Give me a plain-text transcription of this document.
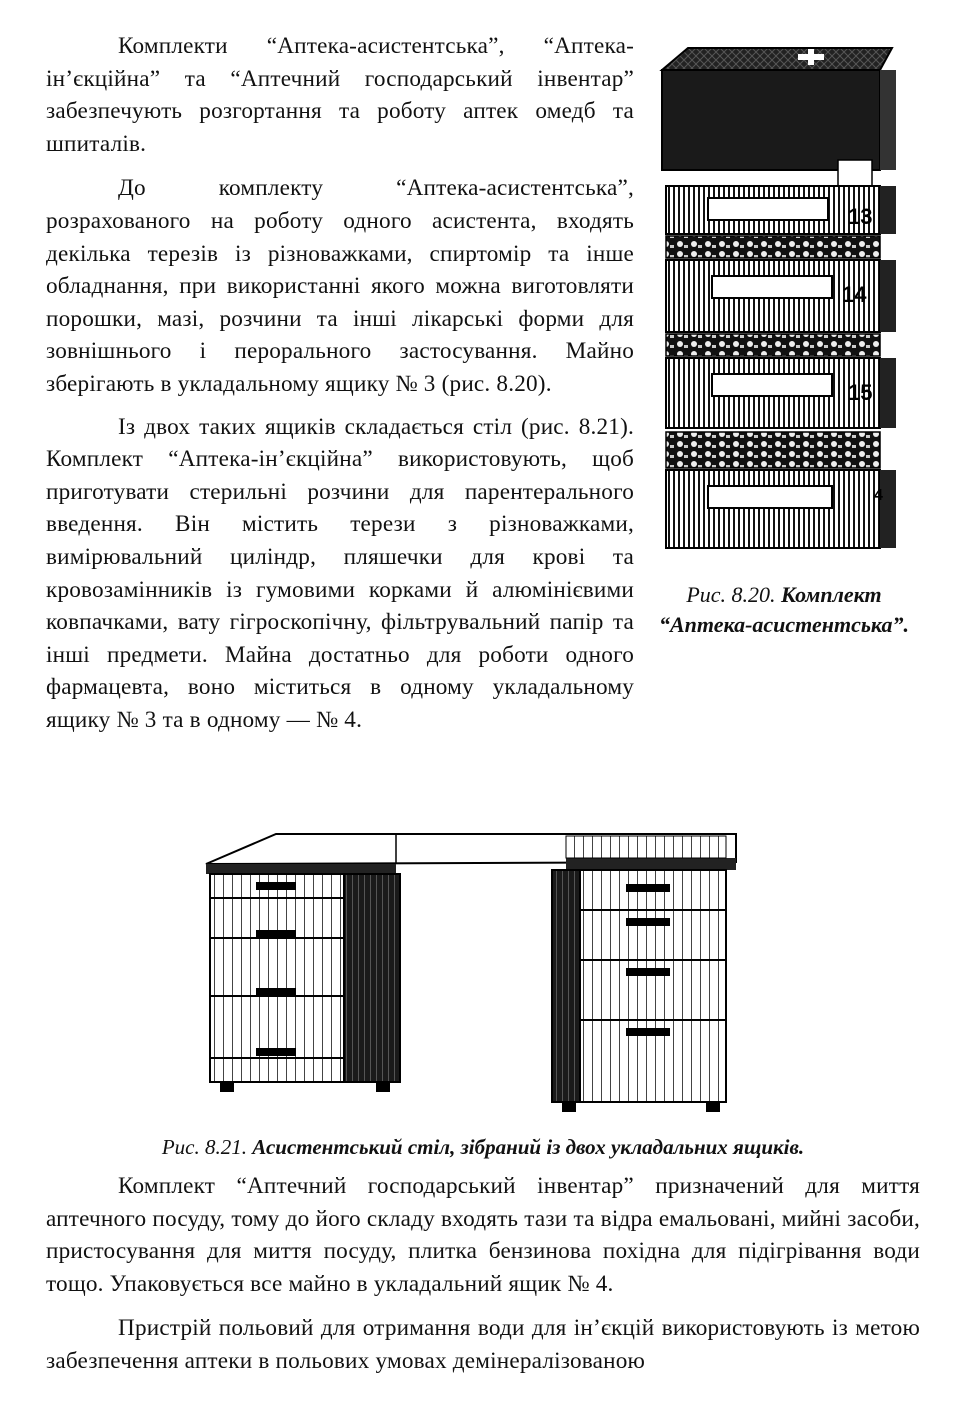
Комплекти “Аптека-асистентська”, “Аптека-ін’єкційна” та “Аптечний господарський інвентар” забезпечують розгортання та роботу аптек омедб та шпиталів.

До комплекту “Аптека-асистентська”, розрахованого на роботу одного асистента, входять декілька терезів із різноважками, спиртомір та інше обладнання, при використанні якого можна виготовляти порошки, мазі, розчини та інші лікарські форми для зовнішнього і перорального застосування. Майно зберігають в укладальному ящику № 3 (рис. 8.20).

Із двох таких ящиків складається стіл (рис. 8.21). Комплект “Аптека-ін’єкційна” використовують, щоб приготувати стерильні розчини для парентерального введення. Він містить терези з різноважками, вимірювальний циліндр, пляшечки для крові та кровозамінників із гумовими корками й алюмінієвими ковпачками, вату гігроскопічну, фільтрувальний папір та інші предмети. Майна достатньо для роботи одного фармацевта, воно міститься в одному укладальному ящику № 3 та в одному — № 4.

13
14
15
4
Рис. 8.20. Комплект “Аптека-асистентська”.
Рис. 8.21. Асистентський стіл, зібраний із двох укладальних ящиків.

Комплект “Аптечний господарський інвентар” призначений для миття аптечного посуду, тому до його складу входять тази та відра емальовані, мийні засоби, пристосування для миття посуду, плитка бензинова похідна для підігрівання води тощо. Упаковується все майно в укладальний ящик № 4.

Пристрій польовий для отримання води для ін’єкцій використовують із метою забезпечення аптеки в польових умовах демінералізованою
